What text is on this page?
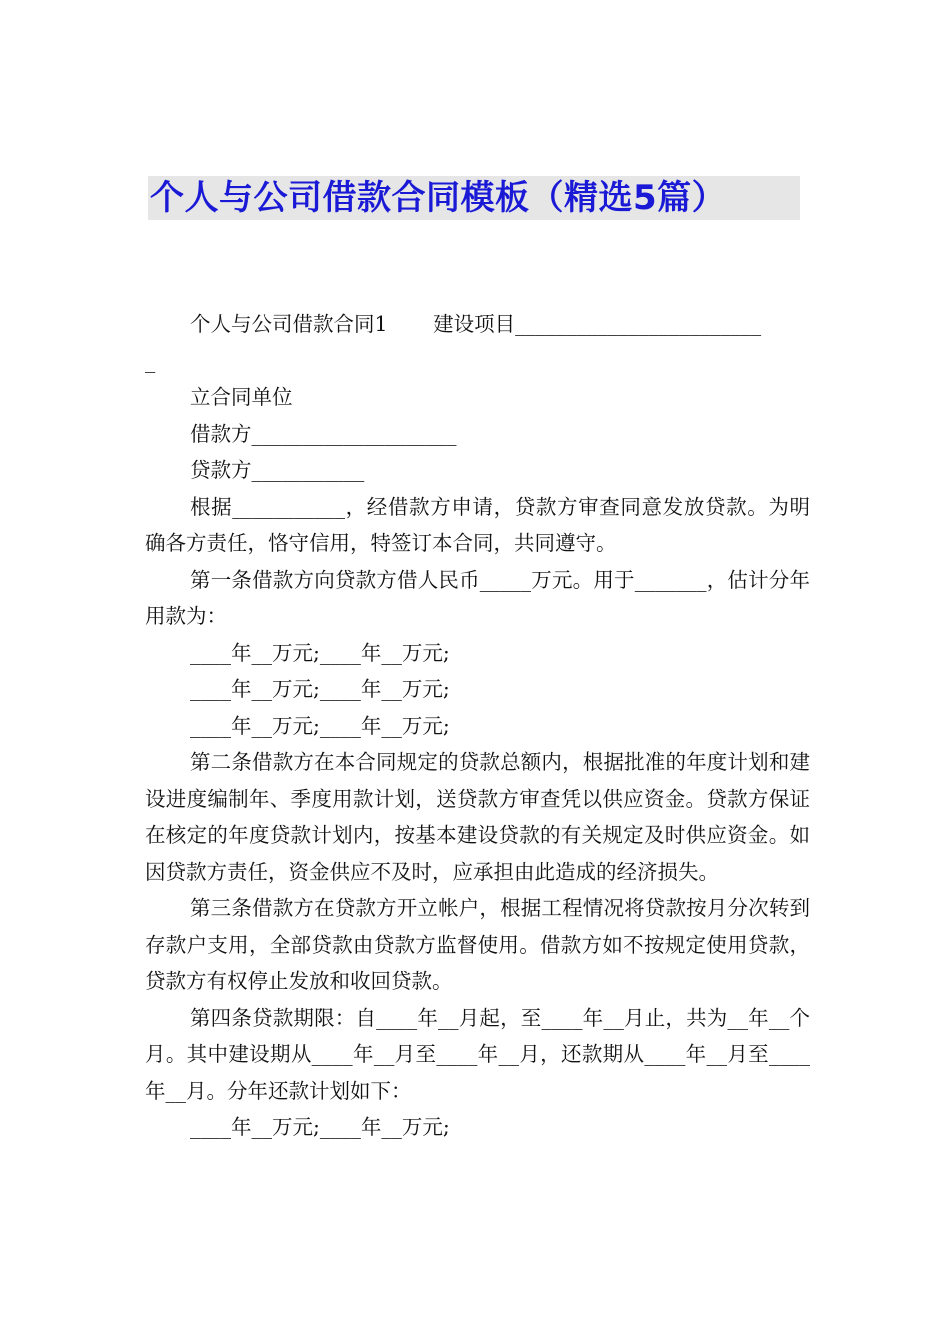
个人与公司借款合同模板（精选5篇）

个人与公司借款合同1       建设项目________________________

_

立合同单位

借款方____________________

贷款方___________

根据___________，经借款方申请，贷款方审查同意发放贷款。为明确各方责任，恪守信用，特签订本合同，共同遵守。

第一条借款方向贷款方借人民币_____万元。用于_______，估计分年用款为：

____年__万元;____年__万元;

____年__万元;____年__万元;

____年__万元;____年__万元;

第二条借款方在本合同规定的贷款总额内，根据批准的年度计划和建设进度编制年、季度用款计划，送贷款方审查凭以供应资金。贷款方保证在核定的年度贷款计划内，按基本建设贷款的有关规定及时供应资金。如因贷款方责任，资金供应不及时，应承担由此造成的经济损失。

第三条借款方在贷款方开立帐户，根据工程情况将贷款按月分次转到存款户支用，全部贷款由贷款方监督使用。借款方如不按规定使用贷款，贷款方有权停止发放和收回贷款。

第四条贷款期限：自____年__月起，至____年__月止，共为__年__个月。其中建设期从____年__月至____年__月，还款期从____年__月至____年__月。分年还款计划如下：

____年__万元;____年__万元;
